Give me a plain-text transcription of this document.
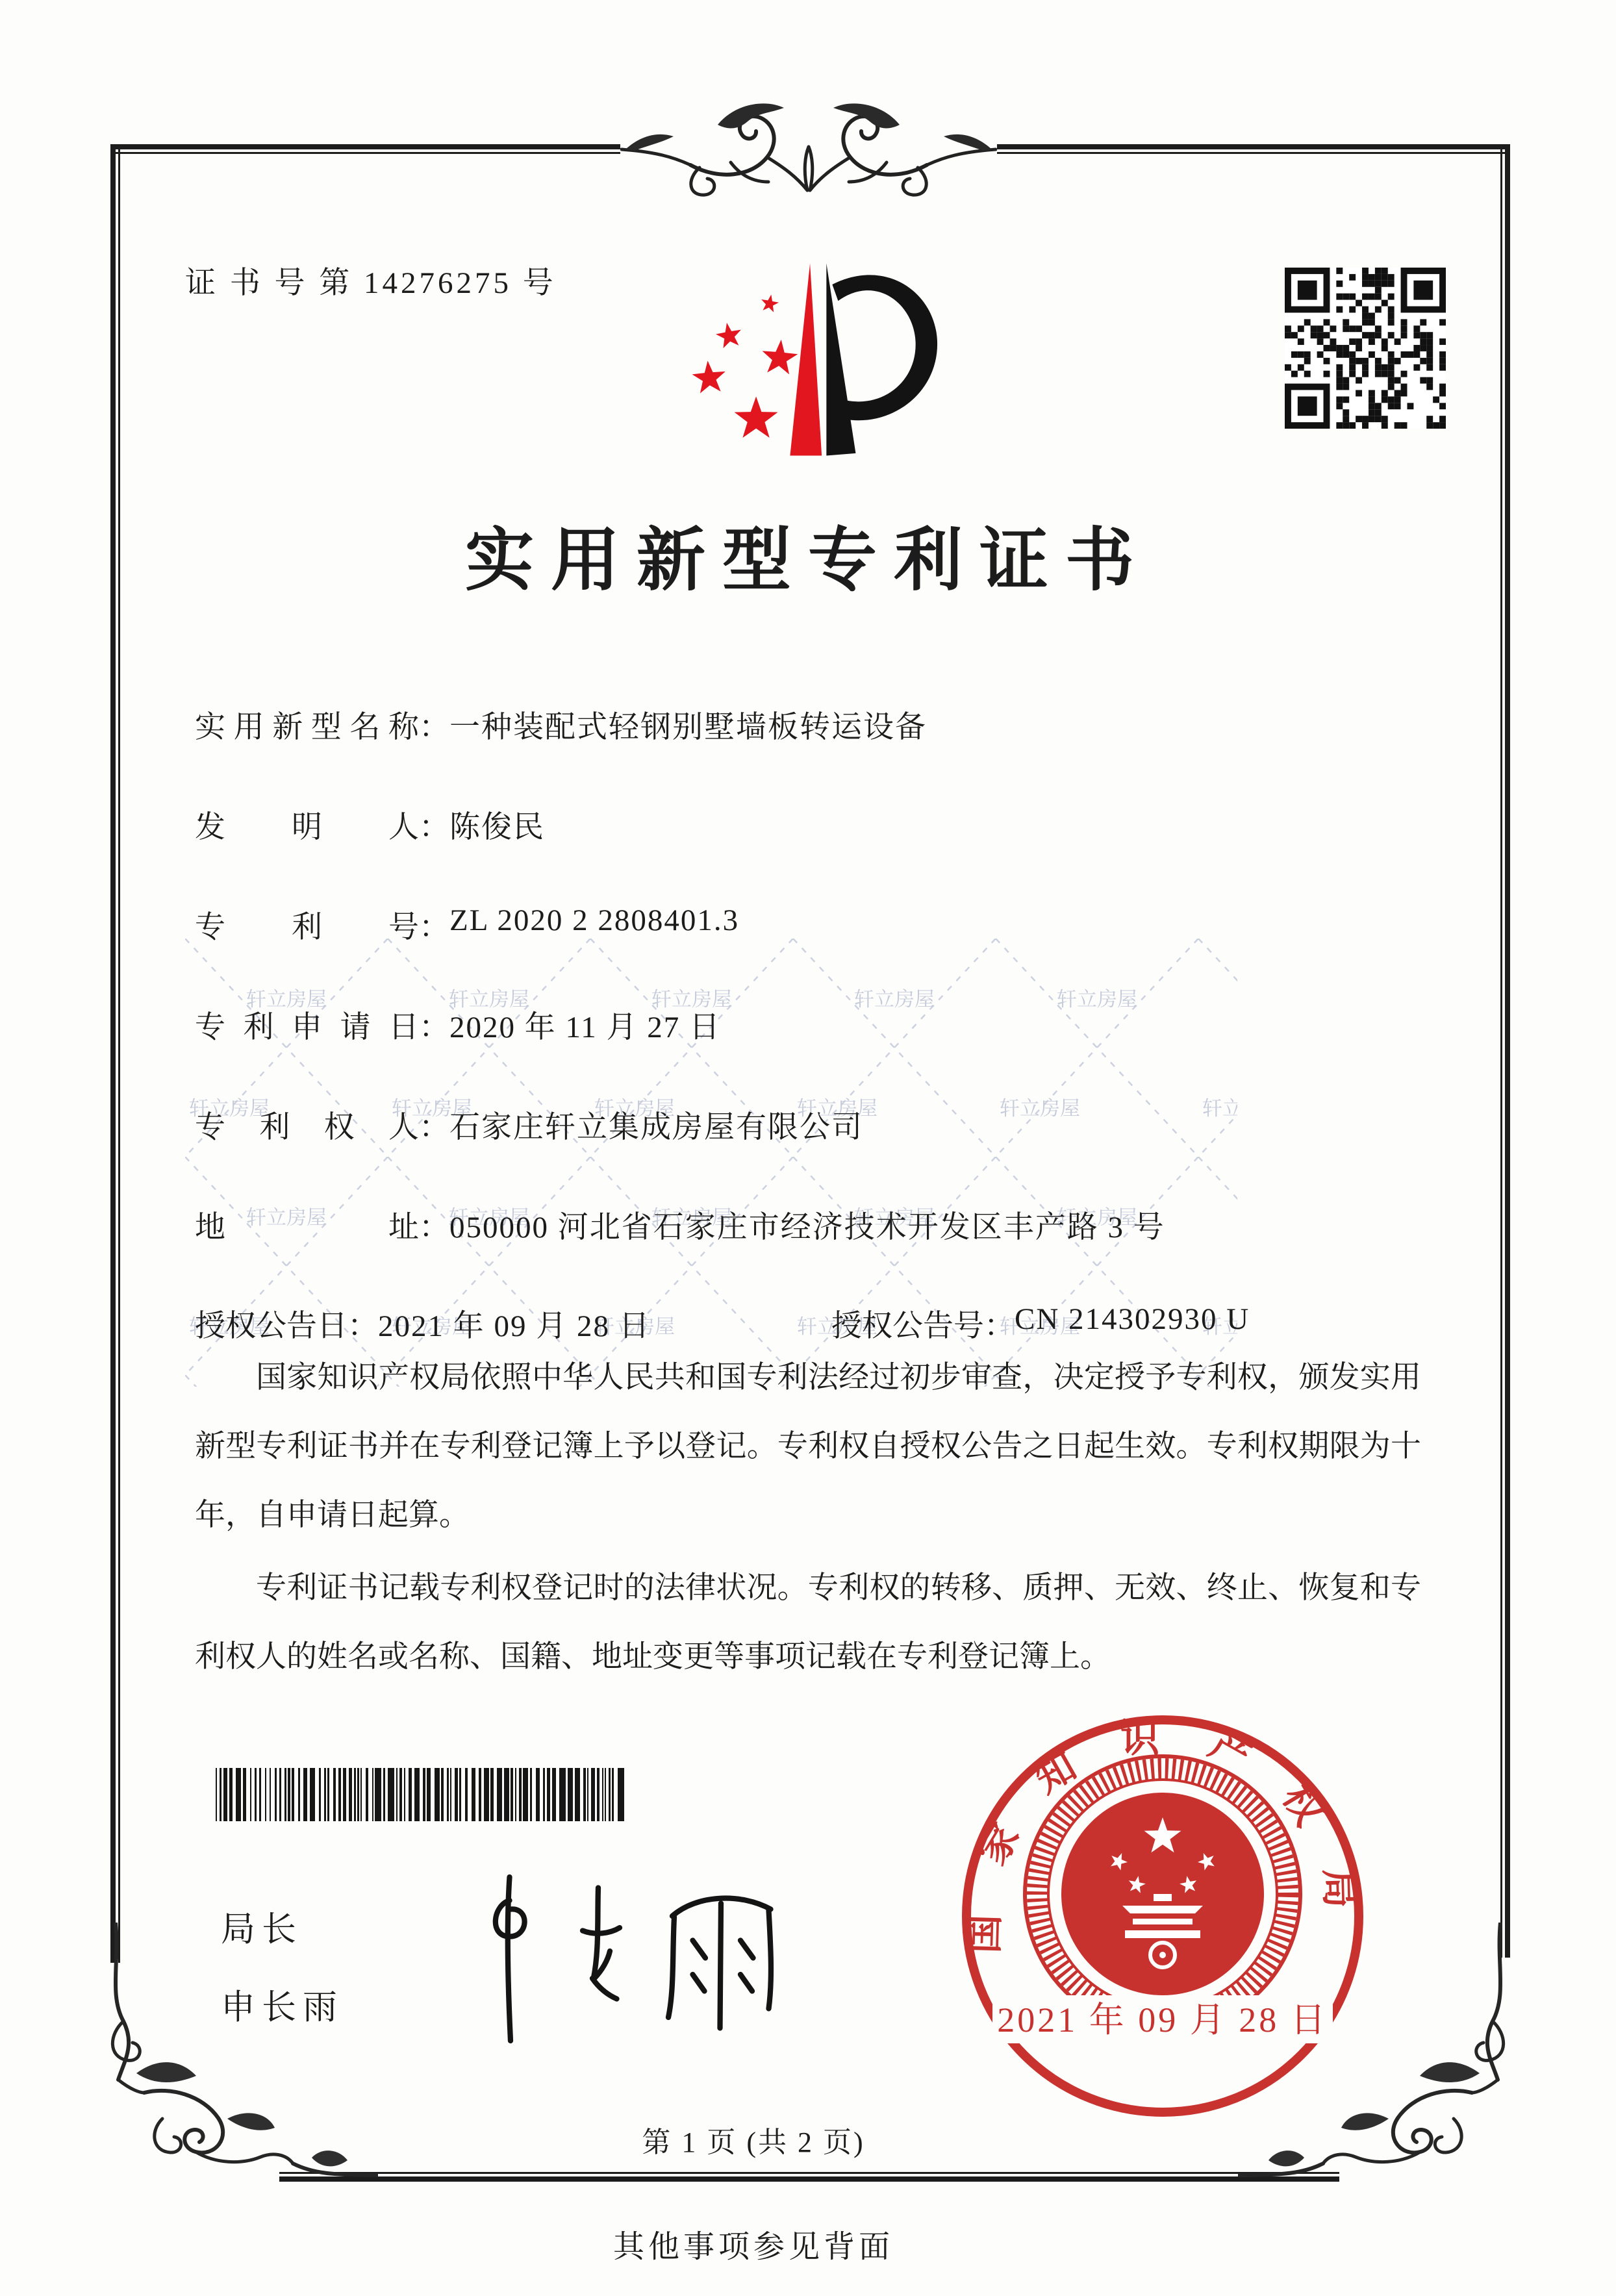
证 书 号 第 14276275 号
实用新型专利证书
实用新型名称：一种装配式轻钢别墅墙板转运设备
发　明　人：陈俊民
专　利　号：ZL 2020 2 2808401.3
专利申请日：2020 年 11 月 27 日
专　利　权　人：石家庄轩立集成房屋有限公司
地　　　址：050000 河北省石家庄市经济技术开发区丰产路 3 号
授权公告日：2021 年 09 月 28 日	授权公告号：CN 214302930 U

国家知识产权局依照中华人民共和国专利法经过初步审查，决定授予专利权，颁发实用新型专利证书并在专利登记簿上予以登记。专利权自授权公告之日起生效。专利权期限为十年，自申请日起算。

专利证书记载专利权登记时的法律状况。专利权的转移、质押、无效、终止、恢复和专利权人的姓名或名称、国籍、地址变更等事项记载在专利登记簿上。

局长
申长雨
国家知识产权局
2021 年 09 月 28 日
第 1 页 (共 2 页)
其他事项参见背面
